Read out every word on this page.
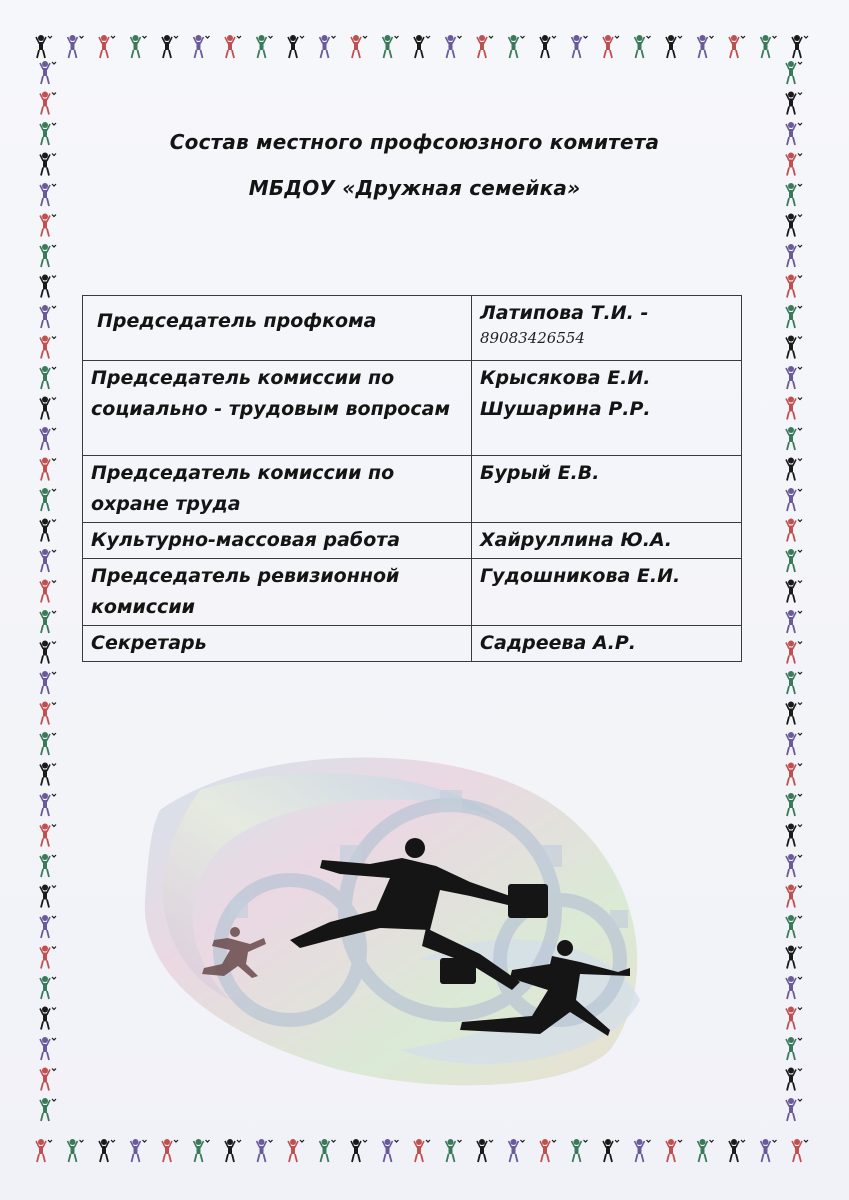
Состав местного профсоюзного комитета
МБДОУ «Дружная семейка»
Председатель профкома	Латипова Т.И. -
89083426554

Председатель комиссии по социально - трудовым вопросам	Крысякова Е.И.
Шушарина Р.Р.

Председатель комиссии по охране труда	Бурый Е.В.
Культурно-массовая работа	Хайруллина Ю.А.
Председатель ревизионной комиссии	Гудошникова Е.И.
Секретарь	Садреева А.Р.
